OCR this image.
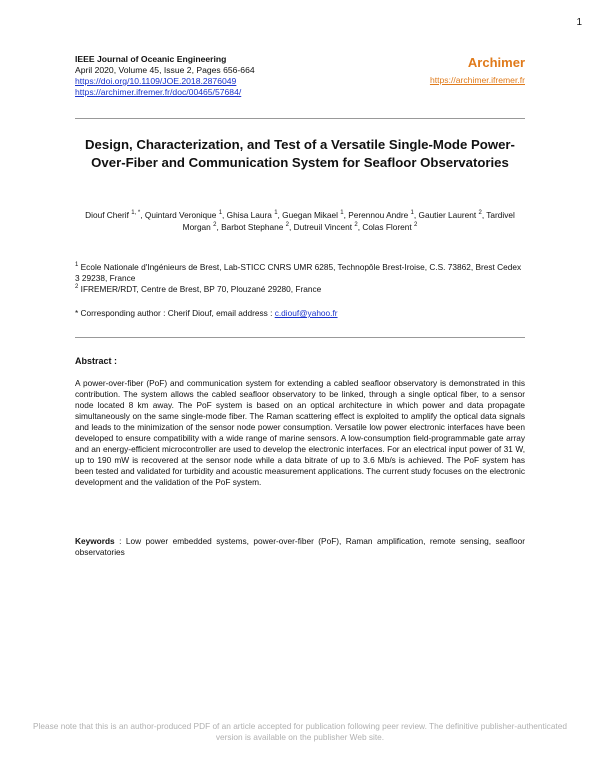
1
IEEE Journal of Oceanic Engineering
April 2020, Volume 45, Issue 2, Pages 656-664
https://doi.org/10.1109/JOE.2018.2876049
https://archimer.ifremer.fr/doc/00465/57684/
Archimer
https://archimer.ifremer.fr
Design, Characterization, and Test of a Versatile Single-Mode Power-Over-Fiber and Communication System for Seafloor Observatories
Diouf Cherif $^{1, *}$, Quintard Veronique $^1$, Ghisa Laura $^1$, Guegan Mikael $^1$, Perennou Andre $^1$, Gautier Laurent $^2$, Tardivel Morgan $^2$, Barbot Stephane $^2$, Dutreuil Vincent $^2$, Colas Florent $^2$
$^1$ Ecole Nationale d'Ingénieurs de Brest, Lab-STICC CNRS UMR 6285, Technopôle Brest-Iroise, C.S. 73862, Brest Cedex 3 29238, France
$^2$ IFREMER/RDT, Centre de Brest, BP 70, Plouzané 29280, France
* Corresponding author : Cherif Diouf, email address : c.diouf@yahoo.fr
Abstract :
A power-over-fiber (PoF) and communication system for extending a cabled seafloor observatory is demonstrated in this contribution. The system allows the cabled seafloor observatory to be linked, through a single optical fiber, to a sensor node located 8 km away. The PoF system is based on an optical architecture in which power and data propagate simultaneously on the same single-mode fiber. The Raman scattering effect is exploited to amplify the optical data signals and leads to the minimization of the sensor node power consumption. Versatile low power electronic interfaces have been developed to ensure compatibility with a wide range of marine sensors. A low-consumption field-programmable gate array and an energy-efficient microcontroller are used to develop the electronic interfaces. For an electrical input power of 31 W, up to 190 mW is recovered at the sensor node while a data bitrate of up to 3.6 Mb/s is achieved. The PoF system has been tested and validated for turbidity and acoustic measurement applications. The current study focuses on the electronic development and the validation of the PoF system.
Keywords : Low power embedded systems, power-over-fiber (PoF), Raman amplification, remote sensing, seafloor observatories
Please note that this is an author-produced PDF of an article accepted for publication following peer review. The definitive publisher-authenticated version is available on the publisher Web site.
